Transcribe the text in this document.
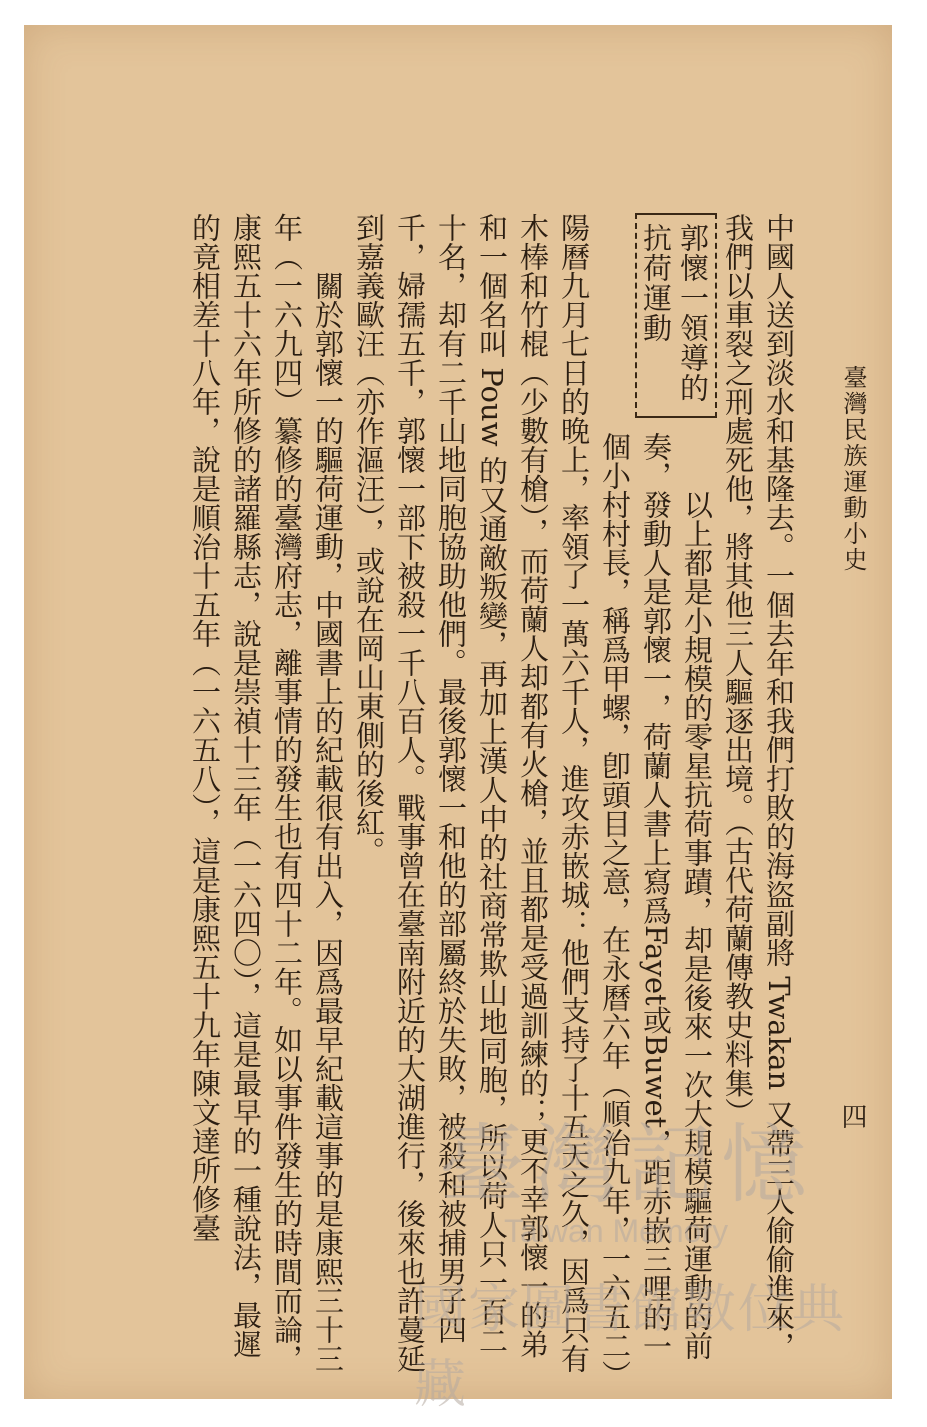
臺灣民族運動小史
四

中國人送到淡水和基隆去。一個去年和我們打敗的海盜副將 Twakan 又帶三人偷偷進來，我們以車裂之刑處死他，將其他三人驅逐出境。（古代荷蘭傳教史料集）

郭懷一領導的抗荷運動

以上都是小規模的零星抗荷事蹟，却是後來一次大規模驅荷運動的前奏，發動人是郭懷一，荷蘭人書上寫爲Fayet或Buwet，距赤嵌三哩的一個小村村長，稱爲甲螺，卽頭目之意，在永曆六年（順治九年，一六五二）陽曆九月七日的晚上，率領了一萬六千人，進攻赤嵌城：他們支持了十五天之久，因爲只有木棒和竹棍（少數有槍），而荷蘭人却都有火槍，並且都是受過訓練的；更不幸郭懷一的弟和一個名叫 Pouw 的又通敵叛變，再加上漢人中的社商常欺山地同胞，所以荷人只一百二十名，却有二千山地同胞協助他們。最後郭懷一和他的部屬終於失敗，被殺和被捕男子四千，婦孺五千，郭懷一部下被殺一千八百人。戰事曾在臺南附近的大湖進行，後來也許蔓延到嘉義歐汪（亦作漚汪），或說在岡山東側的後紅。

關於郭懷一的驅荷運動，中國書上的紀載很有出入，因爲最早紀載這事的是康熙三十三年（一六九四）纂修的臺灣府志，離事情的發生也有四十二年。如以事件發生的時間而論，康熙五十六年所修的諸羅縣志，說是崇禎十三年（一六四〇），這是最早的一種說法，最遲的竟相差十八年，說是順治十五年（一六五八），這是康熙五十九年陳文達所修臺	臺灣記憶
Taiwan Memory
國家圖書館數位典藏
